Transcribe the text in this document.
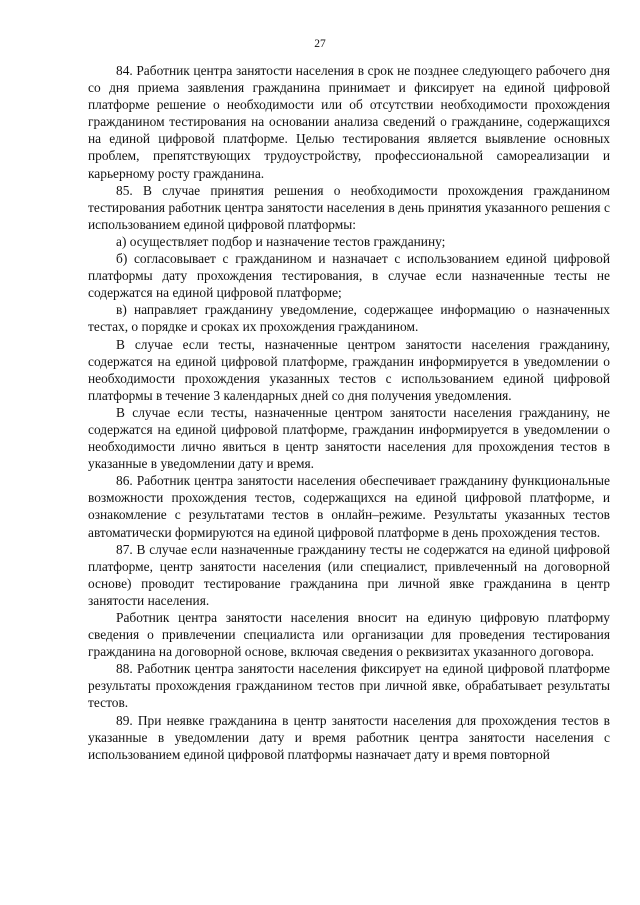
27

84. Работник центра занятости населения в срок не позднее следующего рабочего дня со дня приема заявления гражданина принимает и фиксирует на единой цифровой платформе решение о необходимости или об отсутствии необходимости прохождения гражданином тестирования на основании анализа сведений о гражданине, содержащихся на единой цифровой платформе. Целью тестирования является выявление основных проблем, препятствующих трудоустройству, профессиональной самореализации и карьерному росту гражданина.

85. В случае принятия решения о необходимости прохождения гражданином тестирования работник центра занятости населения в день принятия указанного решения с использованием единой цифровой платформы:

а) осуществляет подбор и назначение тестов гражданину;

б) согласовывает с гражданином и назначает с использованием единой цифровой платформы дату прохождения тестирования, в случае если назначенные тесты не содержатся на единой цифровой платформе;

в) направляет гражданину уведомление, содержащее информацию о назначенных тестах, о порядке и сроках их прохождения гражданином.

В случае если тесты, назначенные центром занятости населения гражданину, содержатся на единой цифровой платформе, гражданин информируется в уведомлении о необходимости прохождения указанных тестов с использованием единой цифровой платформы в течение 3 календарных дней со дня получения уведомления.

В случае если тесты, назначенные центром занятости населения гражданину, не содержатся на единой цифровой платформе, гражданин информируется в уведомлении о необходимости лично явиться в центр занятости населения для прохождения тестов в указанные в уведомлении дату и время.

86. Работник центра занятости населения обеспечивает гражданину функциональные возможности прохождения тестов, содержащихся на единой цифровой платформе, и ознакомление с результатами тестов в онлайн–режиме. Результаты указанных тестов автоматически формируются на единой цифровой платформе в день прохождения тестов.

87. В случае если назначенные гражданину тесты не содержатся на единой цифровой платформе, центр занятости населения (или специалист, привлеченный на договорной основе) проводит тестирование гражданина при личной явке гражданина в центр занятости населения.

Работник центра занятости населения вносит на единую цифровую платформу сведения о привлечении специалиста или организации для проведения тестирования гражданина на договорной основе, включая сведения о реквизитах указанного договора.

88. Работник центра занятости населения фиксирует на единой цифровой платформе результаты прохождения гражданином тестов при личной явке, обрабатывает результаты тестов.

89. При неявке гражданина в центр занятости населения для прохождения тестов в указанные в уведомлении дату и время работник центра занятости населения с использованием единой цифровой платформы назначает дату и время повторной
